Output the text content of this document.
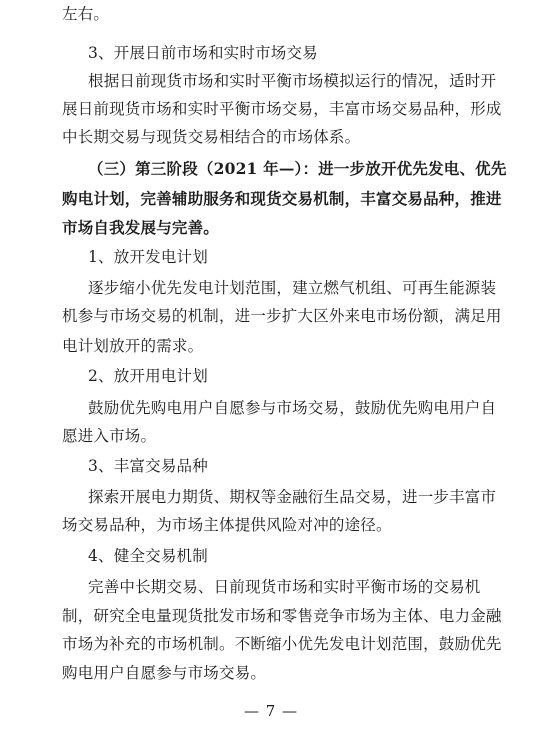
左右。
3、开展日前市场和实时市场交易
根据日前现货市场和实时平衡市场模拟运行的情况，适时开
展日前现货市场和实时平衡市场交易，丰富市场交易品种，形成
中长期交易与现货交易相结合的市场体系。
（三）第三阶段（2021 年—）：进一步放开优先发电、优先
购电计划，完善辅助服务和现货交易机制，丰富交易品种，推进
市场自我发展与完善。
1、放开发电计划
逐步缩小优先发电计划范围，建立燃气机组、可再生能源装
机参与市场交易的机制，进一步扩大区外来电市场份额，满足用
电计划放开的需求。
2、放开用电计划
鼓励优先购电用户自愿参与市场交易，鼓励优先购电用户自
愿进入市场。
3、丰富交易品种
探索开展电力期货、期权等金融衍生品交易，进一步丰富市
场交易品种，为市场主体提供风险对冲的途径。
4、健全交易机制
完善中长期交易、日前现货市场和实时平衡市场的交易机
制，研究全电量现货批发市场和零售竞争市场为主体、电力金融
市场为补充的市场机制。不断缩小优先发电计划范围，鼓励优先
购电用户自愿参与市场交易。
— 7 —
